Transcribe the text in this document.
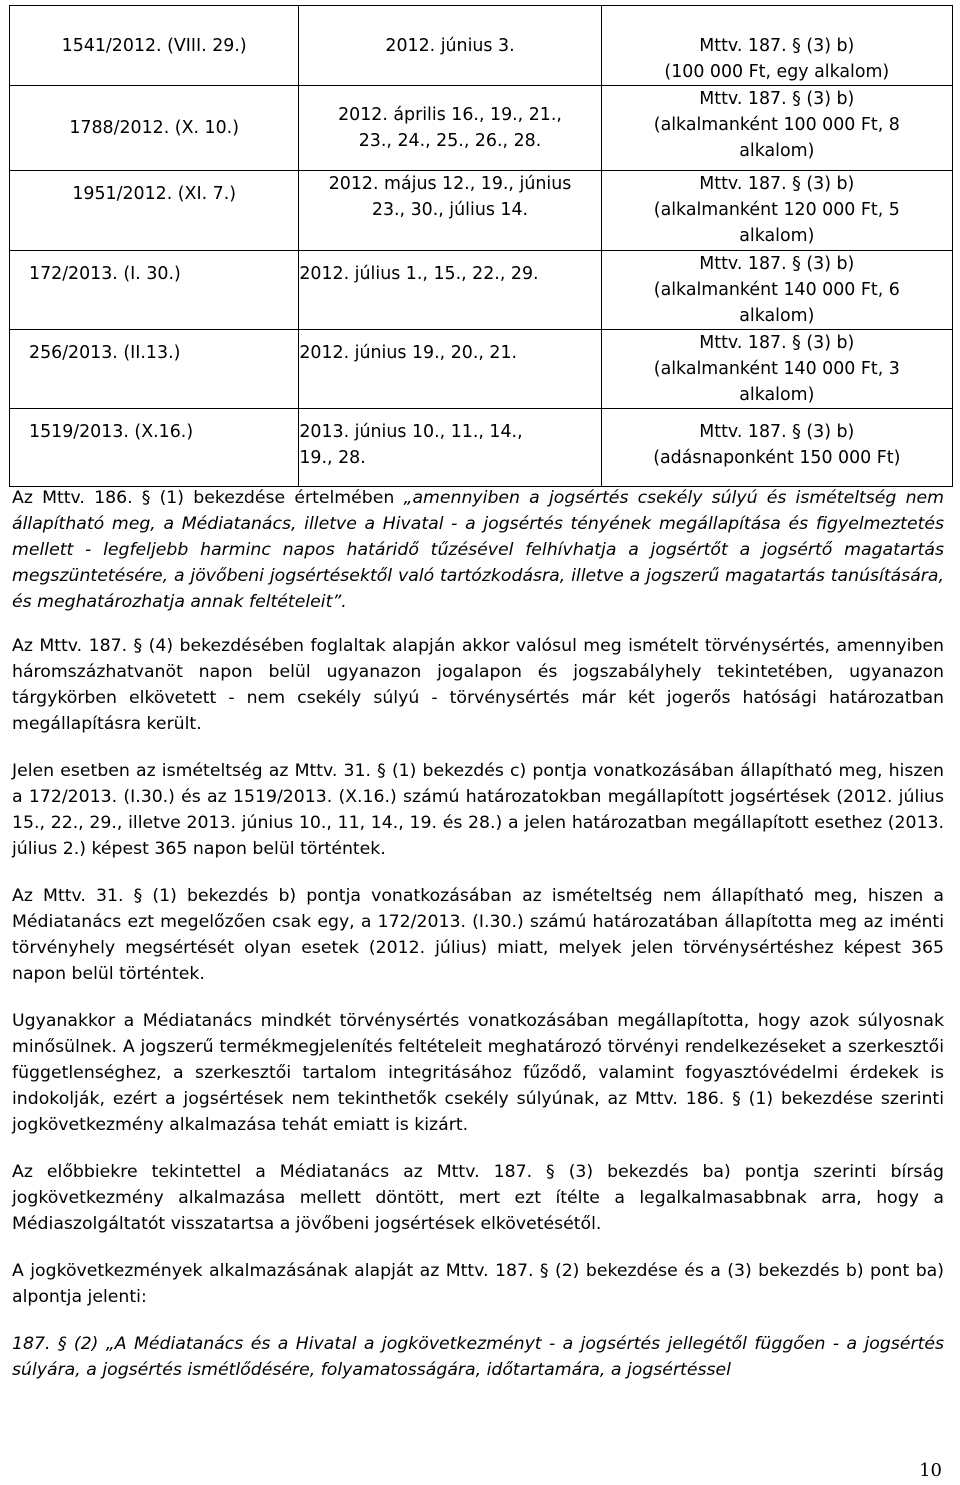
1541/2012. (VIII. 29.)	2012. június 3.	Mttv. 187. § (3) b)
(100 000 Ft, egy alkalom)

1788/2012. (X. 10.)	2012. április 16., 19., 21.,
23., 24., 25., 26., 28.	Mttv. 187. § (3) b)
(alkalmanként 100 000 Ft, 8
alkalom)

1951/2012. (XI. 7.)	2012. május 12., 19., június
23., 30., július 14.	Mttv. 187. § (3) b)
(alkalmanként 120 000 Ft, 5
alkalom)

172/2013. (I. 30.)	2012. július 1., 15., 22., 29.	Mttv. 187. § (3) b)
(alkalmanként 140 000 Ft, 6
alkalom)

256/2013. (II.13.)	2012. június 19., 20., 21.	Mttv. 187. § (3) b)
(alkalmanként 140 000 Ft, 3
alkalom)

1519/2013. (X.16.)	2013. június 10., 11., 14.,
19., 28.	Mttv. 187. § (3) b)
(adásnaponként 150 000 Ft)

Az Mttv. 186. § (1) bekezdése értelmében „amennyiben a jogsértés csekély súlyú és ismételtség nem állapítható meg, a Médiatanács, illetve a Hivatal - a jogsértés tényének megállapítása és figyelmeztetés mellett - legfeljebb harminc napos határidő tűzésével felhívhatja a jogsértőt a jogsértő magatartás megszüntetésére, a jövőbeni jogsértésektől való tartózkodásra, illetve a jogszerű magatartás tanúsítására, és meghatározhatja annak feltételeit”.

Az Mttv. 187. § (4) bekezdésében foglaltak alapján akkor valósul meg ismételt törvénysértés, amennyiben háromszázhatvanöt napon belül ugyanazon jogalapon és jogszabályhely tekintetében, ugyanazon tárgykörben elkövetett - nem csekély súlyú - törvénysértés már két jogerős hatósági határozatban megállapításra került.

Jelen esetben az ismételtség az Mttv. 31. § (1) bekezdés c) pontja vonatkozásában állapítható meg, hiszen a 172/2013. (I.30.) és az 1519/2013. (X.16.) számú határozatokban megállapított jogsértések (2012. július 15., 22., 29., illetve 2013. június 10., 11, 14., 19. és 28.) a jelen határozatban megállapított esethez (2013. július 2.) képest 365 napon belül történtek.

Az Mttv. 31. § (1) bekezdés b) pontja vonatkozásában az ismételtség nem állapítható meg, hiszen a Médiatanács ezt megelőzően csak egy, a 172/2013. (I.30.) számú határozatában állapította meg az iménti törvényhely megsértését olyan esetek (2012. július) miatt, melyek jelen törvénysértéshez képest 365 napon belül történtek.

Ugyanakkor a Médiatanács mindkét törvénysértés vonatkozásában megállapította, hogy azok súlyosnak minősülnek. A jogszerű termékmegjelenítés feltételeit meghatározó törvényi rendelkezéseket a szerkesztői függetlenséghez, a szerkesztői tartalom integritásához fűződő, valamint fogyasztóvédelmi érdekek is indokolják, ezért a jogsértések nem tekinthetők csekély súlyúnak, az Mttv. 186. § (1) bekezdése szerinti jogkövetkezmény alkalmazása tehát emiatt is kizárt.

Az előbbiekre tekintettel a Médiatanács az Mttv. 187. § (3) bekezdés ba) pontja szerinti bírság jogkövetkezmény alkalmazása mellett döntött, mert ezt ítélte a legalkalmasabbnak arra, hogy a Médiaszolgáltatót visszatartsa a jövőbeni jogsértések elkövetésétől.

A jogkövetkezmények alkalmazásának alapját az Mttv. 187. § (2) bekezdése és a (3) bekezdés b) pont ba) alpontja jelenti:

187. § (2) „A Médiatanács és a Hivatal a jogkövetkezményt - a jogsértés jellegétől függően - a jogsértés súlyára, a jogsértés ismétlődésére, folyamatosságára, időtartamára, a jogsértéssel

10
